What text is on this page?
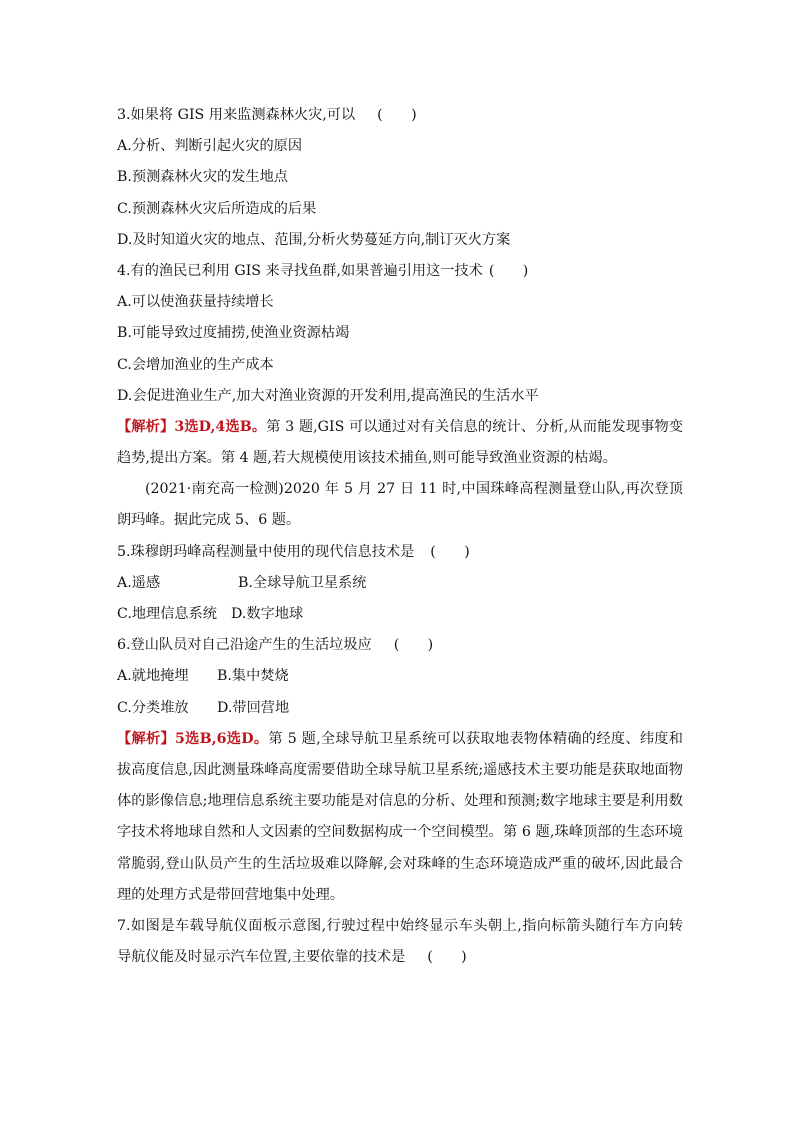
3.如果将 GIS 用来监测森林火灾,可以 (　　)
A.分析、判断引起火灾的原因
B.预测森林火灾的发生地点
C.预测森林火灾后所造成的后果
D.及时知道火灾的地点、范围,分析火势蔓延方向,制订灭火方案
4.有的渔民已利用 GIS 来寻找鱼群,如果普遍引用这一技术 (　　)
A.可以使渔获量持续增长
B.可能导致过度捕捞,使渔业资源枯竭
C.会增加渔业的生产成本
D.会促进渔业生产,加大对渔业资源的开发利用,提高渔民的生活水平
【解析】3选D,4选B。第 3 题,GIS 可以通过对有关信息的统计、分析,从而能发现事物变
趋势,提出方案。第 4 题,若大规模使用该技术捕鱼,则可能导致渔业资源的枯竭。
(2021·南充高一检测)2020 年 5 月 27 日 11 时,中国珠峰高程测量登山队,再次登顶
朗玛峰。据此完成 5、6 题。
5.珠穆朗玛峰高程测量中使用的现代信息技术是 (　　)
A.遥感	B.全球导航卫星系统
C.地理信息系统 D.数字地球
6.登山队员对自己沿途产生的生活垃圾应 (　　)
A.就地掩埋 B.集中焚烧
C.分类堆放 D.带回营地
【解析】5选B,6选D。第 5 题,全球导航卫星系统可以获取地表物体精确的经度、纬度和
拔高度信息,因此测量珠峰高度需要借助全球导航卫星系统;遥感技术主要功能是获取地面物
体的影像信息;地理信息系统主要功能是对信息的分析、处理和预测;数字地球主要是利用数
字技术将地球自然和人文因素的空间数据构成一个空间模型。第 6 题,珠峰顶部的生态环境
常脆弱,登山队员产生的生活垃圾难以降解,会对珠峰的生态环境造成严重的破坏,因此最合
理的处理方式是带回营地集中处理。
7.如图是车载导航仪面板示意图,行驶过程中始终显示车头朝上,指向标箭头随行车方向转
导航仪能及时显示汽车位置,主要依靠的技术是 (　　)
